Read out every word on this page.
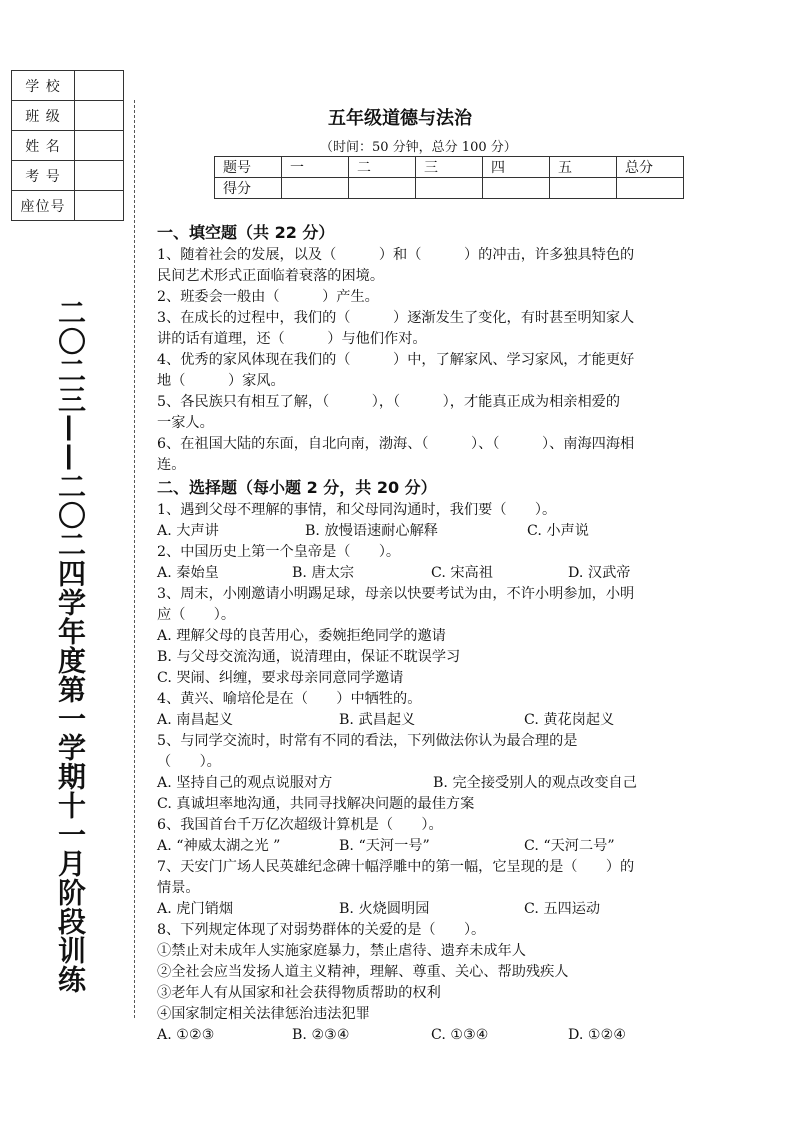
学 校	
班 级	
姓 名	
考 号	
座位号	
二〇二三——二〇二四学年度第一学期十一月阶段训练
五年级道德与法治
（时间：50 分钟，总分 100 分）
题号	一	二	三	四	五	总分
得分						

一、填空题（共 22 分）

1、随着社会的发展，以及（　　　）和（　　　）的冲击，许多独具特色的

民间艺术形式正面临着衰落的困境。

2、班委会一般由（　　　）产生。

3、在成长的过程中，我们的（　　　）逐渐发生了变化，有时甚至明知家人

讲的话有道理，还（　　　）与他们作对。

4、优秀的家风体现在我们的（　　　）中，了解家风、学习家风，才能更好

地（　　　）家风。

5、各民族只有相互了解，（　　　），（　　　），才能真正成为相亲相爱的

一家人。

6、在祖国大陆的东面，自北向南，渤海、（　　　）、（　　　）、南海四海相

连。

二、选择题（每小题 2 分，共 20 分）

1、遇到父母不理解的事情，和父母同沟通时，我们要（　　）。

A. 大声讲	B. 放慢语速耐心解释	C. 小声说

2、中国历史上第一个皇帝是（　　）。

A. 秦始皇	B. 唐太宗	C. 宋高祖	D. 汉武帝

3、周末，小刚邀请小明踢足球，母亲以快要考试为由，不许小明参加，小明

应（　　）。

A. 理解父母的良苦用心，委婉拒绝同学的邀请

B. 与父母交流沟通，说清理由，保证不耽误学习

C. 哭闹、纠缠，要求母亲同意同学邀请

4、黄兴、喻培伦是在（　　）中牺牲的。

A. 南昌起义	B. 武昌起义	C. 黄花岗起义

5、与同学交流时，时常有不同的看法，下列做法你认为最合理的是

（　　）。

A. 坚持自己的观点说服对方	B. 完全接受别人的观点改变自己

C. 真诚坦率地沟通，共同寻找解决问题的最佳方案

6、我国首台千万亿次超级计算机是（　　）。

A. “神威太湖之光 ”	B. “天河一号”	C. “天河二号”

7、天安门广场人民英雄纪念碑十幅浮雕中的第一幅，它呈现的是（　　）的

情景。

A. 虎门销烟	B. 火烧圆明园	C. 五四运动

8、下列规定体现了对弱势群体的关爱的是（　　）。

①禁止对未成年人实施家庭暴力，禁止虐待、遗弃未成年人

②全社会应当发扬人道主义精神，理解、尊重、关心、帮助残疾人

③老年人有从国家和社会获得物质帮助的权利

④国家制定相关法律惩治违法犯罪

A. ①②③	B. ②③④	C. ①③④	D. ①②④
